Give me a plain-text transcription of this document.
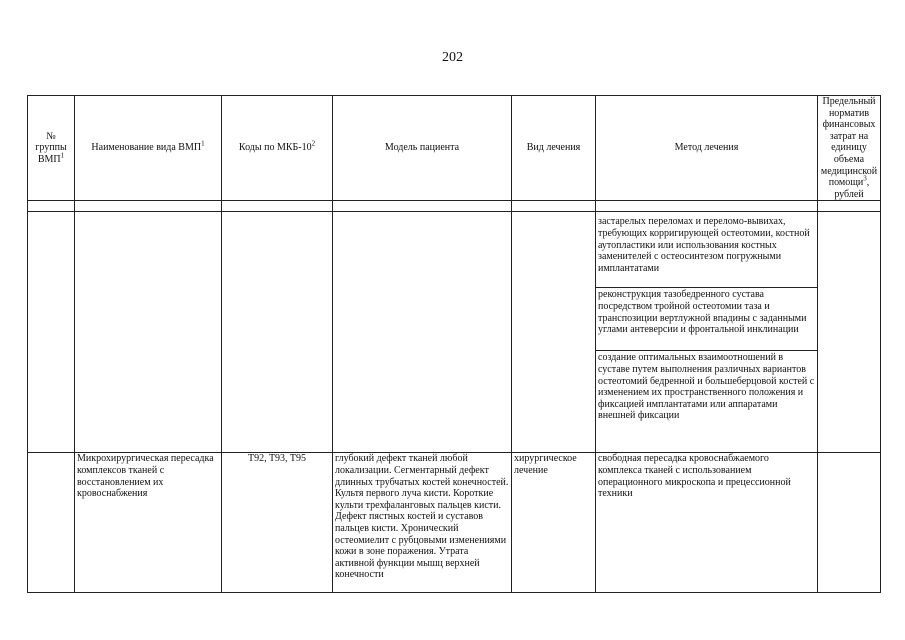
202
№ группы ВМП$^1$	Наименование вида ВМП$^1$	Коды по МКБ-$10^2$	Модель пациента	Вид лечения	Метод лечения	Предельный норматив финансовых затрат на единицу объема медицинской помощи$^3$, рублей

					застарелых переломах и переломо-вывихах, требующих корригирующей остеотомии, костной аутопластики или использования костных заменителей с остеосинтезом погружными имплантатами
реконструкция тазобедренного сустава посредством тройной остеотомии таза и транспозиции вертлужной впадины с заданными углами антеверсии и фронтальной инклинации
создание оптимальных взаимоотношений в суставе путем выполнения различных вариантов остеотомий бедренной и большеберцовой костей с изменением их пространственного положения и фиксацией имплантатами или аппаратами внешней фиксации	

	Микрохирургическая пересадка комплексов тканей с восстановлением их кровоснабжения	T92, T93, T95	глубокий дефект тканей любой локализации. Сегментарный дефект длинных трубчатых костей конечностей. Культя первого луча кисти. Короткие культи трехфаланговых пальцев кисти. Дефект пястных костей и суставов пальцев кисти. Хронический остеомиелит с рубцовыми изменениями кожи в зоне поражения. Утрата активной функции мышц верхней конечности	хирургическое лечение	свободная пересадка кровоснабжаемого комплекса тканей с использованием операционного микроскопа и прецессионной техники	
